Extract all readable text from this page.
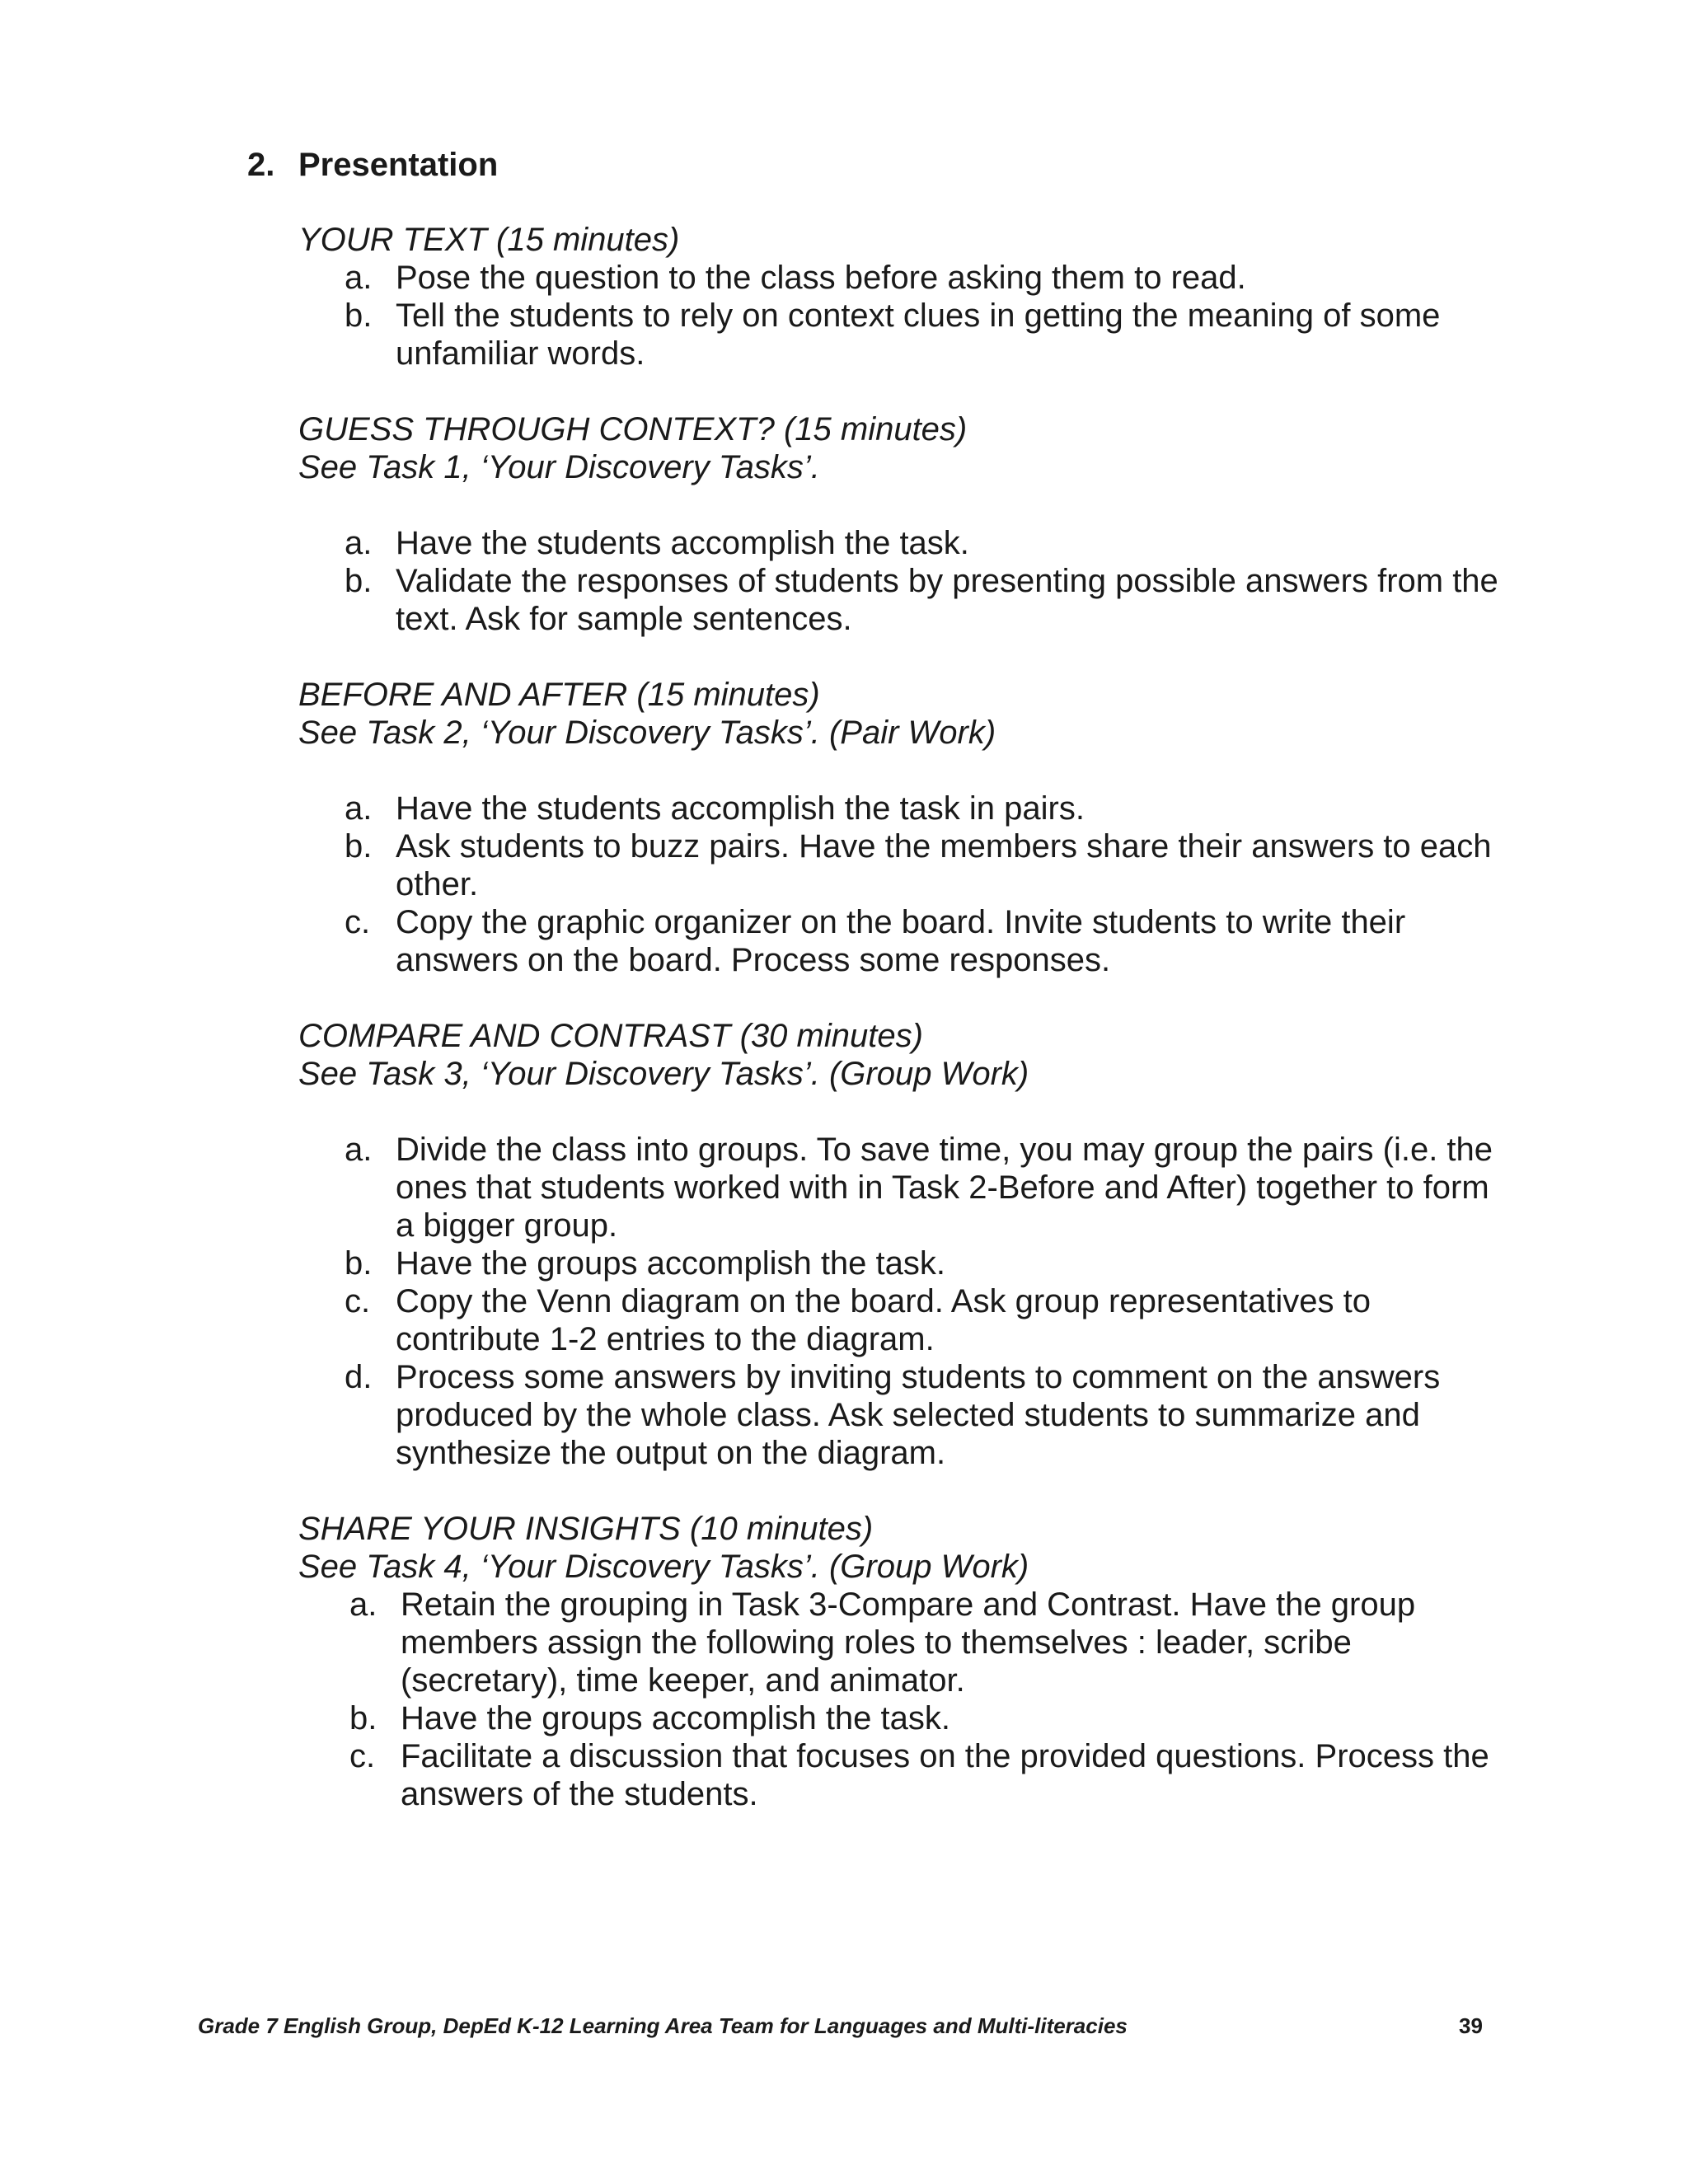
2. Presentation

YOUR TEXT (15 minutes)

a. Pose the question to the class before asking them to read.
b. Tell the students to rely on context clues in getting the meaning of some unfamiliar words.

GUESS THROUGH CONTEXT? (15 minutes)

See Task 1, ‘Your Discovery Tasks’.

a. Have the students accomplish the task.
b. Validate the responses of students by presenting possible answers from the text. Ask for sample sentences.

BEFORE AND AFTER (15 minutes)

See Task 2, ‘Your Discovery Tasks’. (Pair Work)

a. Have the students accomplish the task in pairs.
b. Ask students to buzz pairs. Have the members share their answers to each other.
c. Copy the graphic organizer on the board. Invite students to write their answers on the board. Process some responses.

COMPARE AND CONTRAST (30 minutes)

See Task 3, ‘Your Discovery Tasks’. (Group Work)

a. Divide the class into groups. To save time, you may group the pairs (i.e. the ones that students worked with in Task 2-Before and After) together to form a bigger group.
b. Have the groups accomplish the task.
c. Copy the Venn diagram on the board. Ask group representatives to contribute 1-2 entries to the diagram.
d. Process some answers by inviting students to comment on the answers produced by the whole class. Ask selected students to summarize and synthesize the output on the diagram.

SHARE YOUR INSIGHTS (10 minutes)

See Task 4, ‘Your Discovery Tasks’. (Group Work)

a. Retain the grouping in Task 3-Compare and Contrast. Have the group members assign the following roles to themselves : leader, scribe (secretary), time keeper, and animator.
b. Have the groups accomplish the task.
c. Facilitate a discussion that focuses on the provided questions. Process the answers of the students.
Grade 7 English Group, DepEd K-12 Learning Area Team for Languages and Multi-literacies	39
